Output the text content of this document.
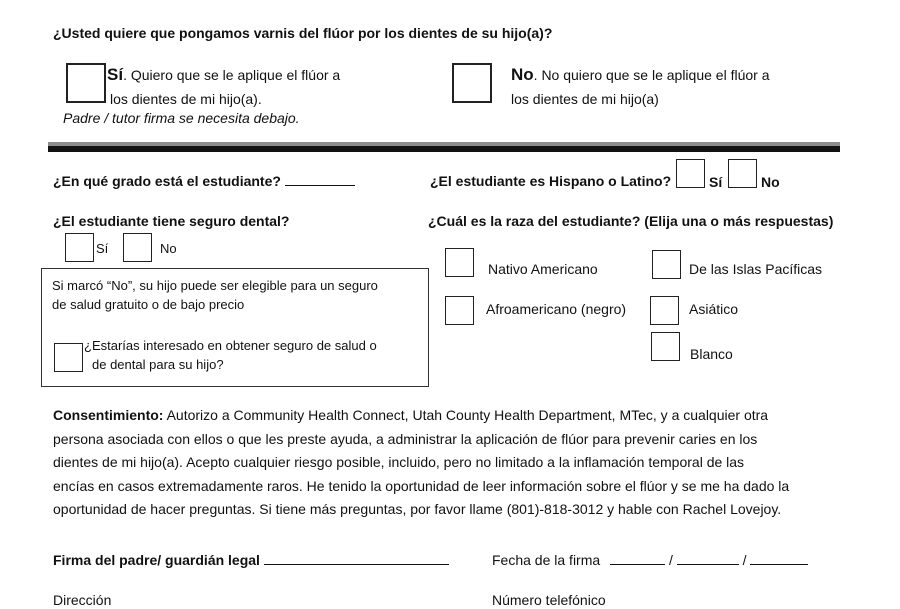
¿Usted quiere que pongamos varnis del flúor por los dientes de su hijo(a)?
Sí. Quiero que se le aplique el flúor a
los dientes de mi hijo(a).
Padre / tutor firma se necesita debajo.
No. No quiero que se le aplique el flúor a
los dientes de mi hijo(a)
¿En qué grado está el estudiante?	¿El estudiante es Hispano o Latino?	Sí	No
¿El estudiante tiene seguro dental?
Sí	No
Si marcó “No”, su hijo puede ser elegible para un seguro
de salud gratuito o de bajo precio
¿Estarías interesado en obtener seguro de salud o
de dental para su hijo?
¿Cuál es la raza del estudiante? (Elija una o más respuestas)
Nativo Americano	De las Islas Pacíficas
Afroamericano (negro)	Asiático
Blanco
Consentimiento: Autorizo a Community Health Connect, Utah County Health Department, MTec, y a cualquier otra
persona asociada con ellos o que les preste ayuda, a administrar la aplicación de flúor para prevenir caries en los
dientes de mi hijo(a). Acepto cualquier riesgo posible, incluido, pero no limitado a la inflamación temporal de las
encías en casos extremadamente raros. He tenido la oportunidad de leer información sobre el flúor y se me ha dado la
oportunidad de hacer preguntas. Si tiene más preguntas, por favor llame (801)-818-3012 y hable con Rachel Lovejoy.
Firma del padre/ guardián legal	Fecha de la firma	/	/
Dirección	Número telefónico
